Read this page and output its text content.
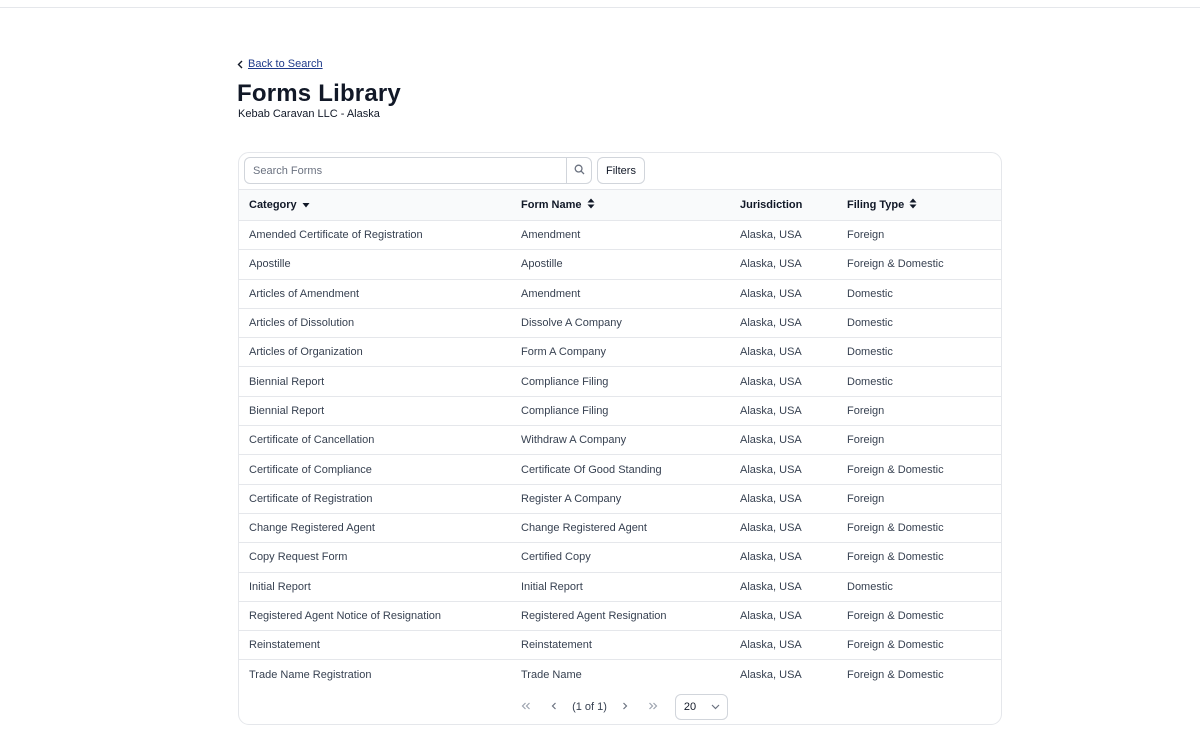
Back to Search
Forms Library
Kebab Caravan LLC - Alaska
Search Forms
Filters
Category	Form Name	Jurisdiction	Filing Type

Amended Certificate of Registration	Amendment	Alaska, USA	Foreign
Apostille	Apostille	Alaska, USA	Foreign & Domestic
Articles of Amendment	Amendment	Alaska, USA	Domestic
Articles of Dissolution	Dissolve A Company	Alaska, USA	Domestic
Articles of Organization	Form A Company	Alaska, USA	Domestic
Biennial Report	Compliance Filing	Alaska, USA	Domestic
Biennial Report	Compliance Filing	Alaska, USA	Foreign
Certificate of Cancellation	Withdraw A Company	Alaska, USA	Foreign
Certificate of Compliance	Certificate Of Good Standing	Alaska, USA	Foreign & Domestic
Certificate of Registration	Register A Company	Alaska, USA	Foreign
Change Registered Agent	Change Registered Agent	Alaska, USA	Foreign & Domestic
Copy Request Form	Certified Copy	Alaska, USA	Foreign & Domestic
Initial Report	Initial Report	Alaska, USA	Domestic
Registered Agent Notice of Resignation	Registered Agent Resignation	Alaska, USA	Foreign & Domestic
Reinstatement	Reinstatement	Alaska, USA	Foreign & Domestic
Trade Name Registration	Trade Name	Alaska, USA	Foreign & Domestic
(1 of 1)	20
